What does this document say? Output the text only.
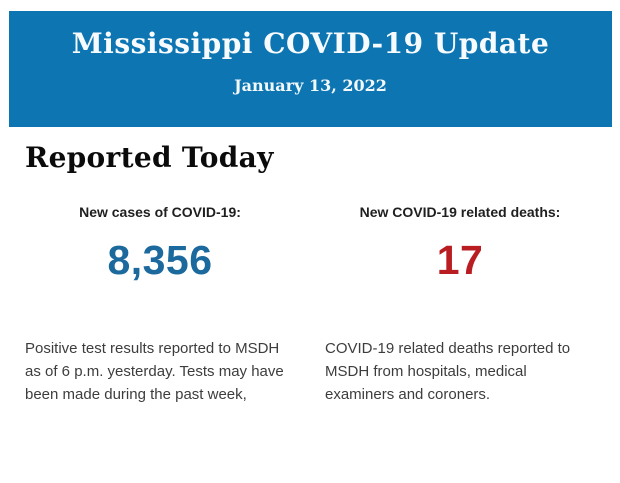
Mississippi COVID-19 Update
January 13, 2022
Reported Today
New cases of COVID-19:
8,356

Positive test results reported to MSDH as of 6 p.m. yesterday. Tests may have been made during the past week,

New COVID-19 related deaths:
17

COVID-19 related deaths reported to MSDH from hospitals, medical examiners and coroners.
